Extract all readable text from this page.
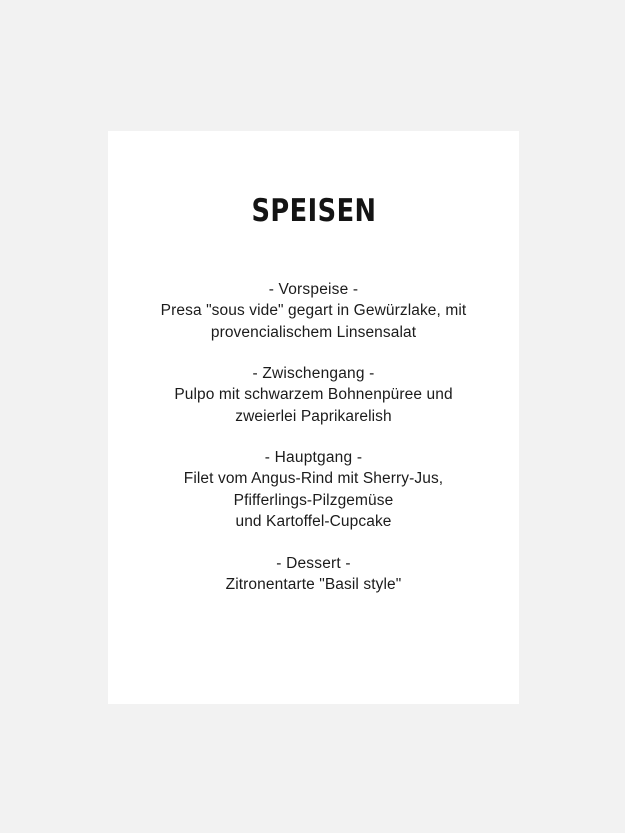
SPEISEN
- Vorspeise -
Presa "sous vide" gegart in Gewürzlake, mit
provencialischem Linsensalat
- Zwischengang -
Pulpo mit schwarzem Bohnenpüree und
zweierlei Paprikarelish
- Hauptgang -
Filet vom Angus-Rind mit Sherry-Jus,
Pfifferlings-Pilzgemüse
und Kartoffel-Cupcake
- Dessert -
Zitronentarte "Basil style"
